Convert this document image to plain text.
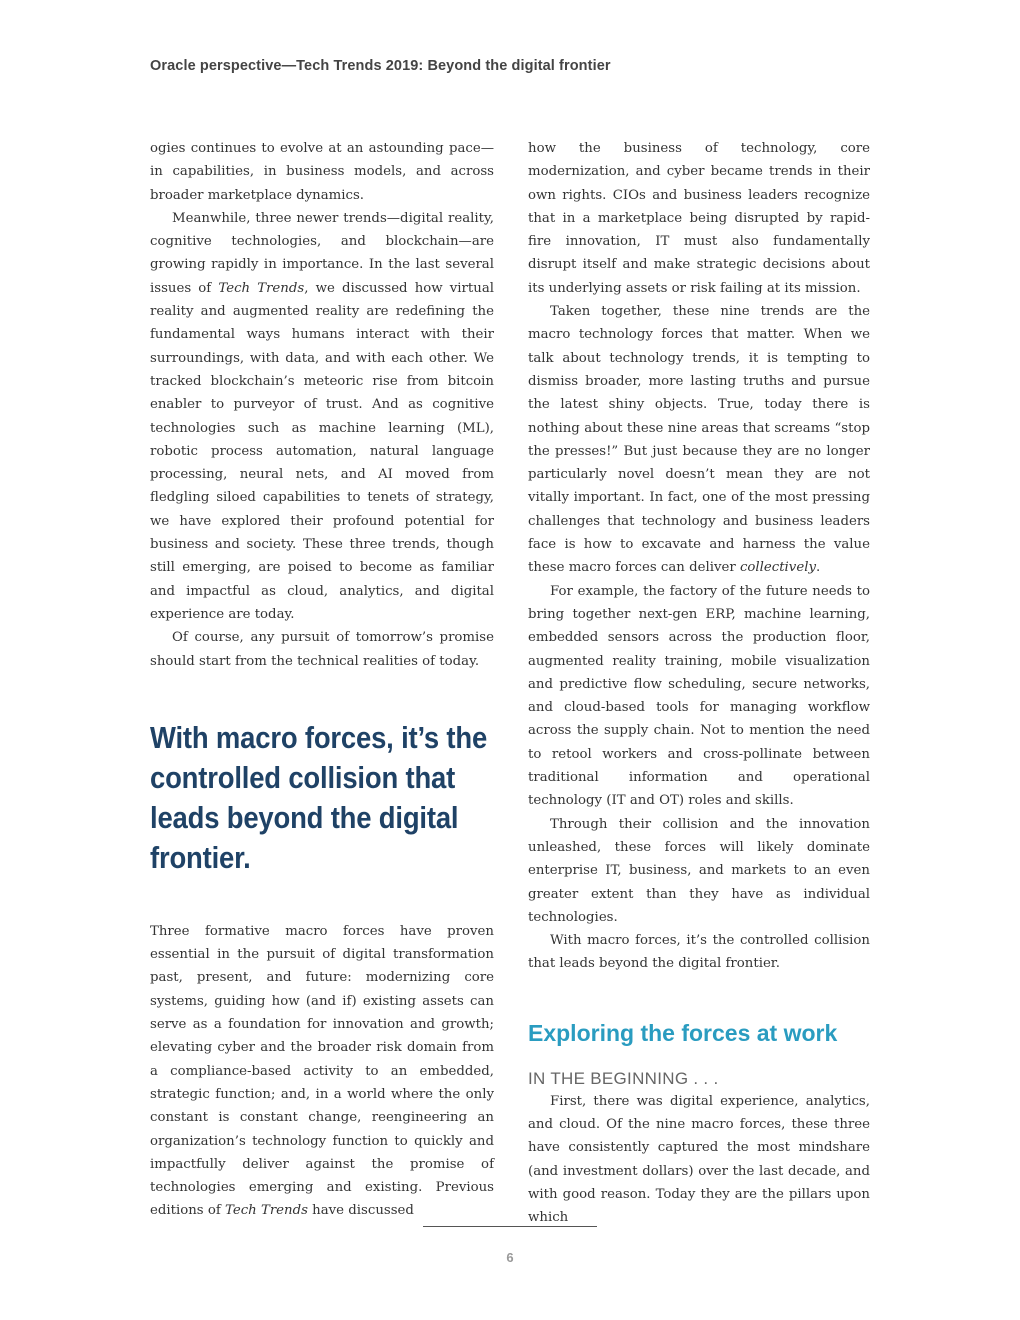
Oracle perspective—Tech Trends 2019: Beyond the digital frontier

ogies continues to evolve at an astounding pace—in capabilities, in business models, and across broader marketplace dynamics.

Meanwhile, three newer trends—digital reality, cognitive technologies, and blockchain—are growing rapidly in importance. In the last several issues of Tech Trends, we discussed how virtual reality and augmented reality are redefining the fundamental ways humans interact with their surroundings, with data, and with each other. We tracked blockchain’s meteoric rise from bitcoin enabler to purveyor of trust. And as cognitive technologies such as machine learning (ML), robotic process automation, natural language processing, neural nets, and AI moved from fledgling siloed capabilities to tenets of strategy, we have explored their profound potential for business and society. These three trends, though still emerging, are poised to become as familiar and impactful as cloud, analytics, and digital experience are today.

Of course, any pursuit of tomorrow’s promise should start from the technical realities of today.

With macro forces, it’s the controlled collision that leads beyond the digital frontier.

Three formative macro forces have proven essential in the pursuit of digital transformation past, present, and future: modernizing core systems, guiding how (and if) existing assets can serve as a foundation for innovation and growth; elevating cyber and the broader risk domain from a compliance-based activity to an embedded, strategic function; and, in a world where the only constant is constant change, reengineering an organization’s technology function to quickly and impactfully deliver against the promise of technologies emerging and existing. Previous editions of Tech Trends have discussed

how the business of technology, core modernization, and cyber became trends in their own rights. CIOs and business leaders recognize that in a marketplace being disrupted by rapid-fire innovation, IT must also fundamentally disrupt itself and make strategic decisions about its underlying assets or risk failing at its mission.

Taken together, these nine trends are the macro technology forces that matter. When we talk about technology trends, it is tempting to dismiss broader, more lasting truths and pursue the latest shiny objects. True, today there is nothing about these nine areas that screams “stop the presses!” But just because they are no longer particularly novel doesn’t mean they are not vitally important. In fact, one of the most pressing challenges that technology and business leaders face is how to excavate and harness the value these macro forces can deliver collectively.

For example, the factory of the future needs to bring together next-gen ERP, machine learning, embedded sensors across the production floor, augmented reality training, mobile visualization and predictive flow scheduling, secure networks, and cloud-based tools for managing workflow across the supply chain. Not to mention the need to retool workers and cross-pollinate between traditional information and operational technology (IT and OT) roles and skills.

Through their collision and the innovation unleashed, these forces will likely dominate enterprise IT, business, and markets to an even greater extent than they have as individual technologies.

With macro forces, it’s the controlled collision that leads beyond the digital frontier.

Exploring the forces at work
IN THE BEGINNING . . .

First, there was digital experience, analytics, and cloud. Of the nine macro forces, these three have consistently captured the most mindshare (and investment dollars) over the last decade, and with good reason. Today they are the pillars upon which

6
